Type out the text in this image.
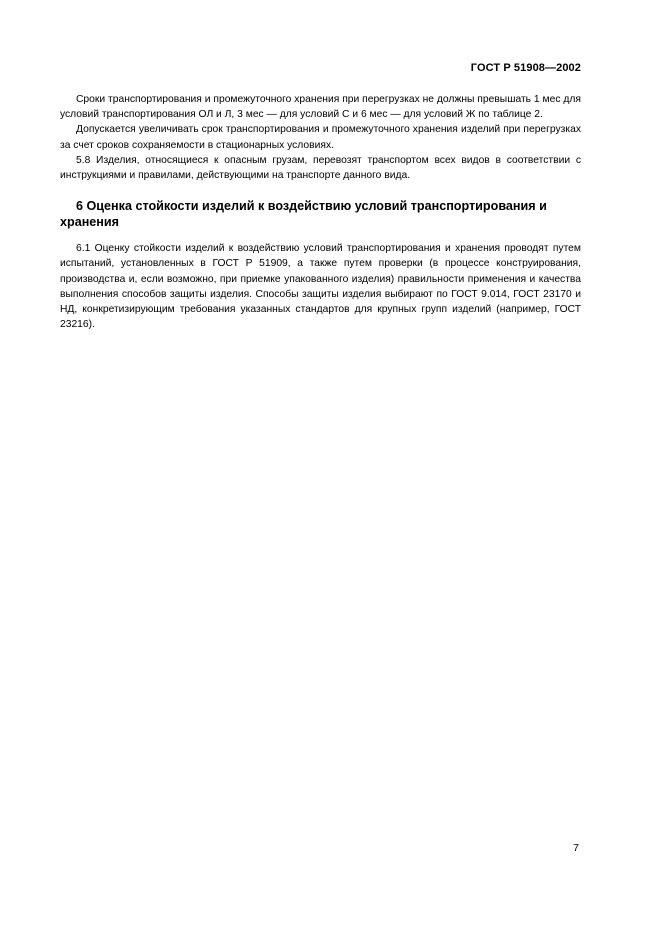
ГОСТ Р 51908—2002

Сроки транспортирования и промежуточного хранения при перегрузках не должны превышать 1 мес для условий транспортирования ОЛ и Л, 3 мес — для условий С и 6 мес — для условий Ж по таблице 2.

Допускается увеличивать срок транспортирования и промежуточного хранения изделий при перегрузках за счет сроков сохраняемости в стационарных условиях.

5.8 Изделия, относящиеся к опасным грузам, перевозят транспортом всех видов в соответствии с инструкциями и правилами, действующими на транспорте данного вида.

6 Оценка стойкости изделий к воздействию условий транспортирования и хранения

6.1 Оценку стойкости изделий к воздействию условий транспортирования и хранения проводят путем испытаний, установленных в ГОСТ Р 51909, а также путем проверки (в процессе конструирования, производства и, если возможно, при приемке упакованного изделия) правильности применения и качества выполнения способов защиты изделия. Способы защиты изделия выбирают по ГОСТ 9.014, ГОСТ 23170 и НД, конкретизирующим требования указанных стандартов для крупных групп изделий (например, ГОСТ 23216).

7
